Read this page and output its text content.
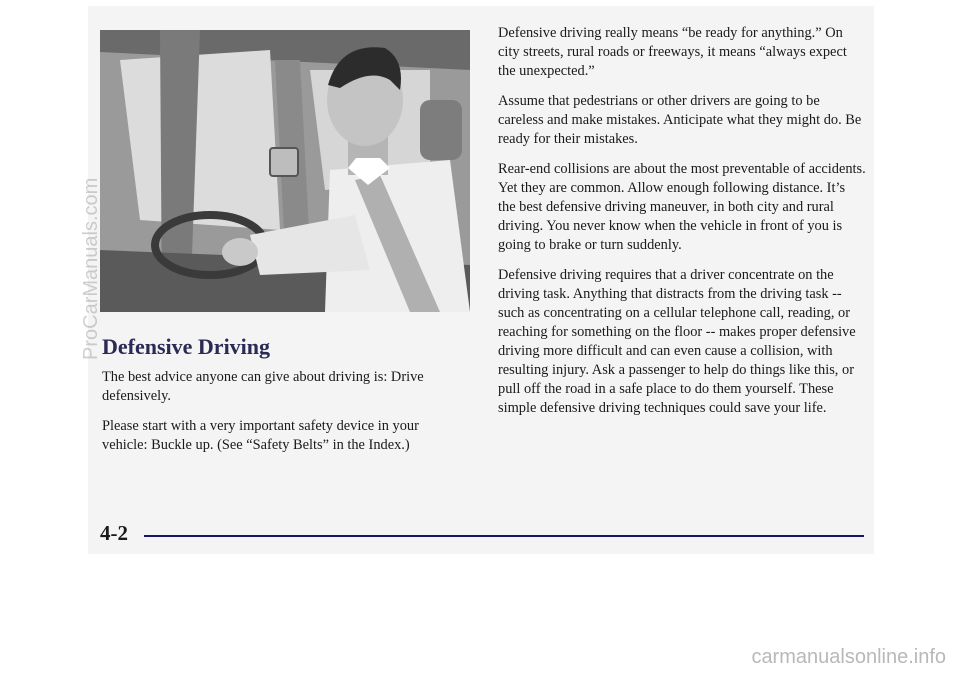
Defensive Driving

The best advice anyone can give about driving is: Drive defensively.

Please start with a very important safety device in your vehicle: Buckle up. (See “Safety Belts” in the Index.)

Defensive driving really means “be ready for anything.” On city streets, rural roads or freeways, it means “always expect the unexpected.”

Assume that pedestrians or other drivers are going to be careless and make mistakes. Anticipate what they might do. Be ready for their mistakes.

Rear-end collisions are about the most preventable of accidents. Yet they are common. Allow enough following distance. It’s the best defensive driving maneuver, in both city and rural driving. You never know when the vehicle in front of you is going to brake or turn suddenly.

Defensive driving requires that a driver concentrate on the driving task. Anything that distracts from the driving task -- such as concentrating on a cellular telephone call, reading, or reaching for something on the floor -- makes proper defensive driving more difficult and can even cause a collision, with resulting injury. Ask a passenger to help do things like this, or pull off the road in a safe place to do them yourself. These simple defensive driving techniques could save your life.

4-2
ProCarManuals.com
carmanualsonline.info
